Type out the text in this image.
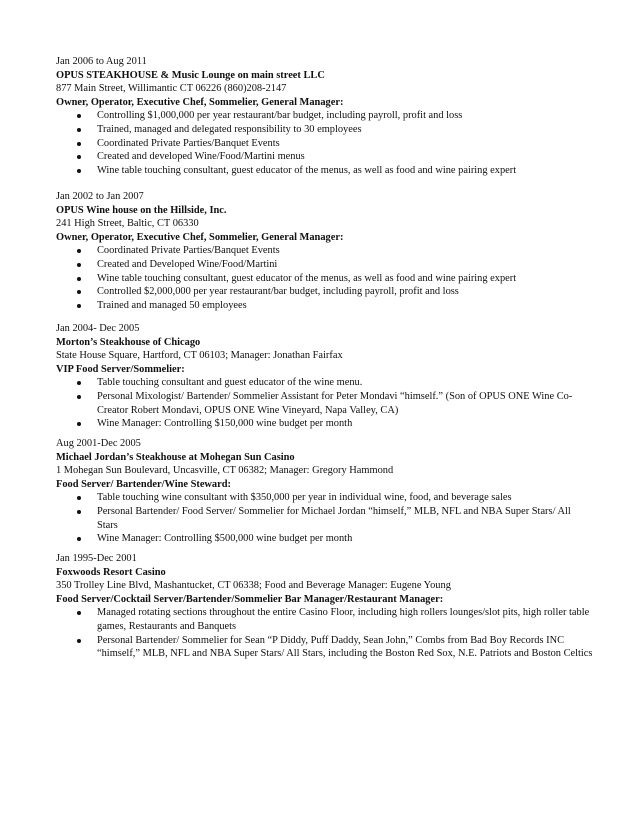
Jan 2006 to Aug 2011

OPUS STEAKHOUSE & Music Lounge on main street LLC

877 Main Street, Willimantic CT 06226 (860)208-2147

Owner, Operator, Executive Chef, Sommelier, General Manager:

Controlling $1,000,000 per year restaurant/bar budget, including payroll, profit and loss
Trained, managed and delegated responsibility to 30 employees
Coordinated Private Parties/Banquet Events
Created and developed Wine/Food/Martini menus
Wine table touching consultant, guest educator of the menus, as well as food and wine pairing expert

Jan 2002 to Jan 2007

OPUS Wine house on the Hillside, Inc.

241 High Street, Baltic, CT 06330

Owner, Operator, Executive Chef, Sommelier, General Manager:

Coordinated Private Parties/Banquet Events
Created and Developed Wine/Food/Martini
Wine table touching consultant, guest educator of the menus, as well as food and wine pairing expert
Controlled $2,000,000 per year restaurant/bar budget, including payroll, profit and loss
Trained and managed 50 employees

Jan 2004- Dec 2005

Morton’s Steakhouse of Chicago

State House Square, Hartford, CT 06103; Manager: Jonathan Fairfax

VIP Food Server/Sommelier:

Table touching consultant and guest educator of the wine menu.
Personal Mixologist/ Bartender/ Sommelier Assistant for Peter Mondavi “himself.” (Son of OPUS ONE Wine Co-Creator Robert Mondavi, OPUS ONE Wine Vineyard, Napa Valley, CA)
Wine Manager: Controlling $150,000 wine budget per month

Aug 2001-Dec 2005

Michael Jordan’s Steakhouse at Mohegan Sun Casino

1 Mohegan Sun Boulevard, Uncasville, CT 06382; Manager: Gregory Hammond

Food Server/ Bartender/Wine Steward:

Table touching wine consultant with $350,000 per year in individual wine, food, and beverage sales
Personal Bartender/ Food Server/ Sommelier for Michael Jordan “himself,” MLB, NFL and NBA Super Stars/ All Stars
Wine Manager: Controlling $500,000 wine budget per month

Jan 1995-Dec 2001

Foxwoods Resort Casino

350 Trolley Line Blvd, Mashantucket, CT 06338; Food and Beverage Manager: Eugene Young

Food Server/Cocktail Server/Bartender/Sommelier Bar Manager/Restaurant Manager:

Managed rotating sections throughout the entire Casino Floor, including high rollers lounges/slot pits, high roller table games, Restaurants and Banquets
Personal Bartender/ Sommelier for Sean “P Diddy, Puff Daddy, Sean John,” Combs from Bad Boy Records INC “himself,” MLB, NFL and NBA Super Stars/ All Stars, including the Boston Red Sox, N.E. Patriots and Boston Celtics
